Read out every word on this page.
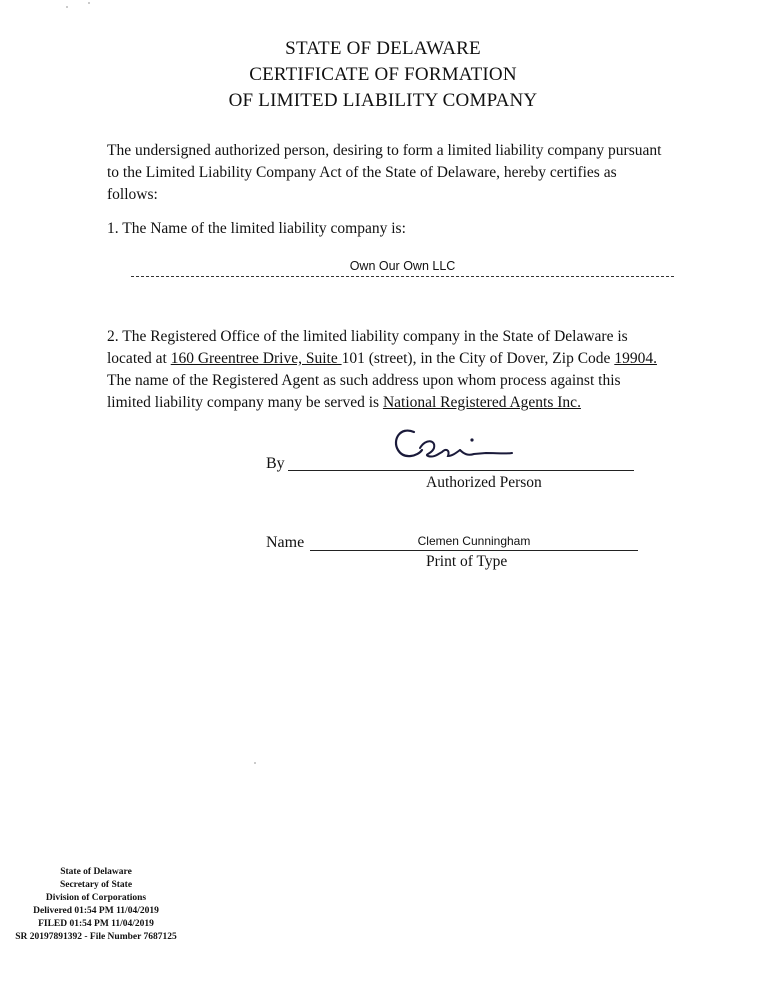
STATE OF DELAWARE
CERTIFICATE OF FORMATION
OF LIMITED LIABILITY COMPANY
The undersigned authorized person, desiring to form a limited liability company pursuant
to the Limited Liability Company Act of the State of Delaware, hereby certifies as
follows:
1. The Name of the limited liability company is:
Own Our Own LLC
2. The Registered Office of the limited liability company in the State of Delaware is
located at 160 Greentree Drive, Suite 101 (street), in the City of Dover, Zip Code 19904.
The name of the Registered Agent as such address upon whom process against this
limited liability company many be served is National Registered Agents Inc.
By
Authorized Person
Name	Clemen Cunningham
Print of Type
State of Delaware
Secretary of State
Division of Corporations
Delivered 01:54 PM 11/04/2019
FILED 01:54 PM 11/04/2019
SR 20197891392 - File Number 7687125
